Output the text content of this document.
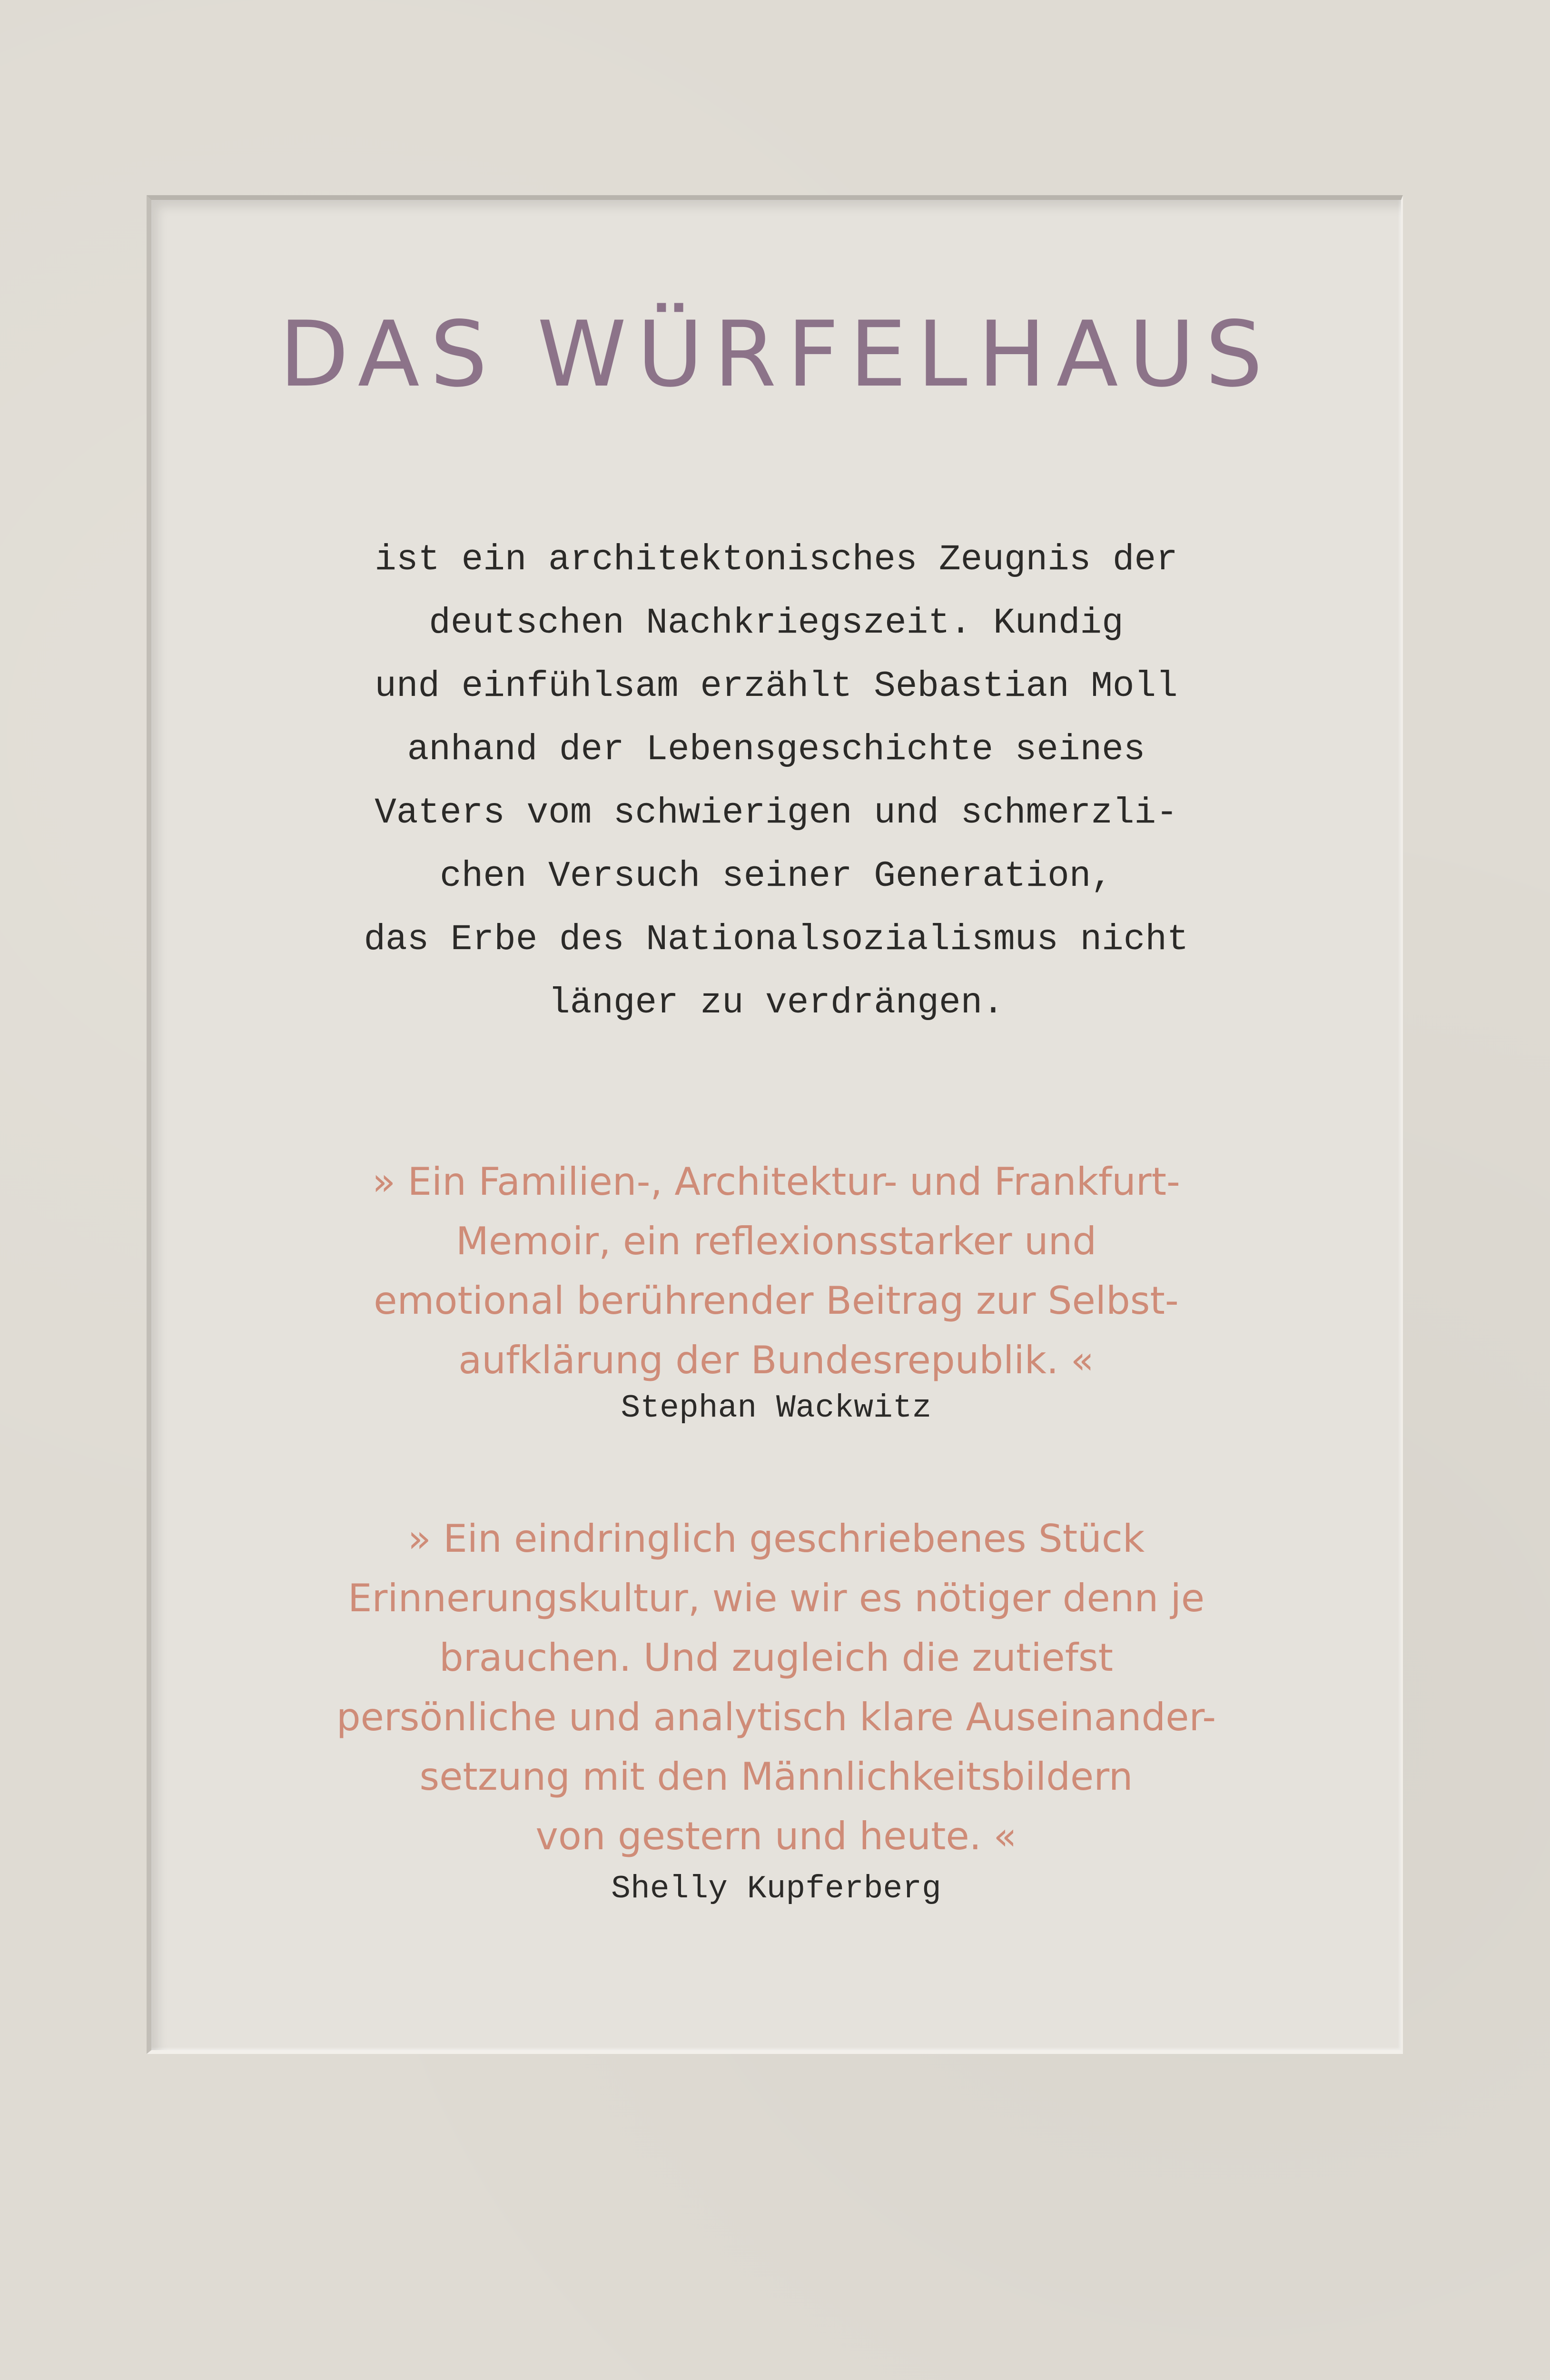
DAS WÜRFELHAUS

ist ein architektonisches Zeugnis der
deutschen Nachkriegszeit. Kundig
und einfühlsam erzählt Sebastian Moll
anhand der Lebensgeschichte seines
Vaters vom schwierigen und schmerzli-
chen Versuch seiner Generation,
das Erbe des Nationalsozialismus nicht
länger zu verdrängen.

» Ein Familien-, Architektur- und Frankfurt-
Memoir, ein reflexionsstarker und
emotional berührender Beitrag zur Selbst-
aufklärung der Bundesrepublik. «

Stephan Wackwitz

» Ein eindringlich geschriebenes Stück
Erinnerungskultur, wie wir es nötiger denn je
brauchen. Und zugleich die zutiefst
persönliche und analytisch klare Auseinander-
setzung mit den Männlichkeitsbildern
von gestern und heute. «

Shelly Kupferberg
